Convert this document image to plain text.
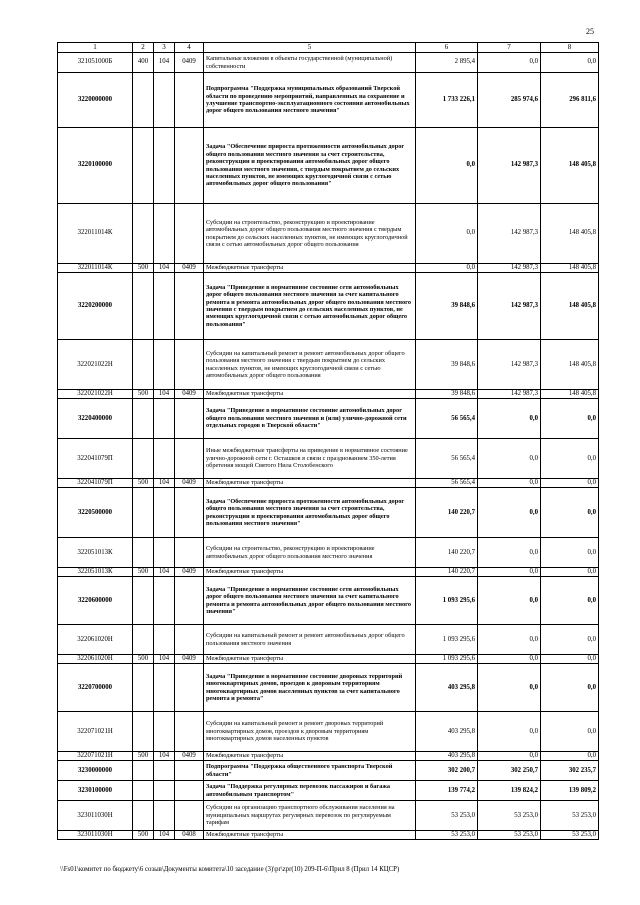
25
1	2	3	4	5	6	7	8
321051000Б	400	104	0409	Капитальные вложения в объекты государственной (муниципальной) собственности	2 895,4	0,0	0,0
3220000000				Подпрограмма "Поддержка муниципальных образований Тверской области по проведению мероприятий, направленных на сохранение и улучшение транспортно-эксплуатационного состояния автомобильных дорог общего пользования местного значения"	1 733 226,1	285 974,6	296 811,6
3220100000				Задача "Обеспечение прироста протяженности автомобильных дорог общего пользования местного значения за счет строительства, реконструкции и проектирования автомобильных дорог общего пользования местного значения, с твердым покрытием до сельских населенных пунктов, не имеющих круглогодичной связи с сетью автомобильных дорог общего пользования"	0,0	142 987,3	148 405,8
322011014К				Субсидии на строительство, реконструкцию и проектирование автомобильных дорог общего пользования местного значения с твердым покрытием до сельских населенных пунктов, не имеющих круглогодичной связи с сетью автомобильных дорог общего пользования	0,0	142 987,3	148 405,8
322011014К	500	104	0409	Межбюджетные трансферты	0,0	142 987,3	148 405,8
3220200000				Задача "Приведение в нормативное состояние сети автомобильных дорог общего пользования местного значения за счет капитального ремонта и ремонта автомобильных дорог общего пользования местного значения с твердым покрытием до сельских населенных пунктов, не имеющих круглогодичной связи с сетью автомобильных дорог общего пользования"	39 848,6	142 987,3	148 405,8
322021022Н				Субсидии на капитальный ремонт и ремонт автомобильных дорог общего пользования местного значения с твердым покрытием до сельских населенных пунктов, не имеющих круглогодичной связи с сетью автомобильных дорог общего пользования	39 848,6	142 987,3	148 405,8
322021022Н	500	104	0409	Межбюджетные трансферты	39 848,6	142 987,3	148 405,8
3220400000				Задача "Приведение в нормативное состояние автомобильных дорог общего пользования местного значения и (или) улично-дорожной сети отдельных городов в Тверской области"	56 565,4	0,0	0,0
322041079П				Иные межбюджетные трансферты на приведение в нормативное состояние улично-дорожной сети г. Осташков в связи с празднованием 350-летия обретения мощей Святого Нила Столобенского	56 565,4	0,0	0,0
322041079П	500	104	0409	Межбюджетные трансферты	56 565,4	0,0	0,0
3220500000				Задача "Обеспечение прироста протяженности автомобильных дорог общего пользования местного значения за счет строительства, реконструкции и проектирования автомобильных дорог общего пользования местного значения"	140 220,7	0,0	0,0
322051013К				Субсидии на строительство, реконструкцию и проектирование автомобильных дорог общего пользования местного значения	140 220,7	0,0	0,0
322051013К	500	104	0409	Межбюджетные трансферты	140 220,7	0,0	0,0
3220600000				Задача "Приведение в нормативное состояние сети автомобильных дорог общего пользования местного значения за счет капитального ремонта и ремонта автомобильных дорог общего пользования местного значения"	1 093 295,6	0,0	0,0
322061020Н				Субсидии на капитальный ремонт и ремонт автомобильных дорог общего пользования местного значения	1 093 295,6	0,0	0,0
322061020Н	500	104	0409	Межбюджетные трансферты	1 093 295,6	0,0	0,0
3220700000				Задача "Приведение в нормативное состояние дворовых территорий многоквартирных домов, проездов к дворовым территориям многоквартирных домов населенных пунктов за счет капитального ремонта и ремонта"	403 295,8	0,0	0,0
322071021Н				Субсидии на капитальный ремонт и ремонт дворовых территорий многоквартирных домов, проездов к дворовым территориям многоквартирных домов населенных пунктов	403 295,8	0,0	0,0
322071021Н	500	104	0409	Межбюджетные трансферты	403 295,8	0,0	0,0
3230000000				Подпрограмма "Поддержка общественного транспорта Тверской области"	302 200,7	302 250,7	302 235,7
3230100000				Задача "Поддержка регулярных перевозок пассажиров и багажа автомобильным транспортом"	139 774,2	139 824,2	139 809,2
323011030Н				Субсидии на организацию транспортного обслуживания населения на муниципальных маршрутах регулярных перевозок по регулируемым тарифам	53 253,0	53 253,0	53 253,0
323011030Н	500	104	0408	Межбюджетные трансферты	53 253,0	53 253,0	53 253,0
\\Fs01\комитет по бюджету\6 созыв\Документы комитета\10 заседание (3)\pr\zpr(10) 209-П-6\Прил 8 (Прил 14 КЦСР)
